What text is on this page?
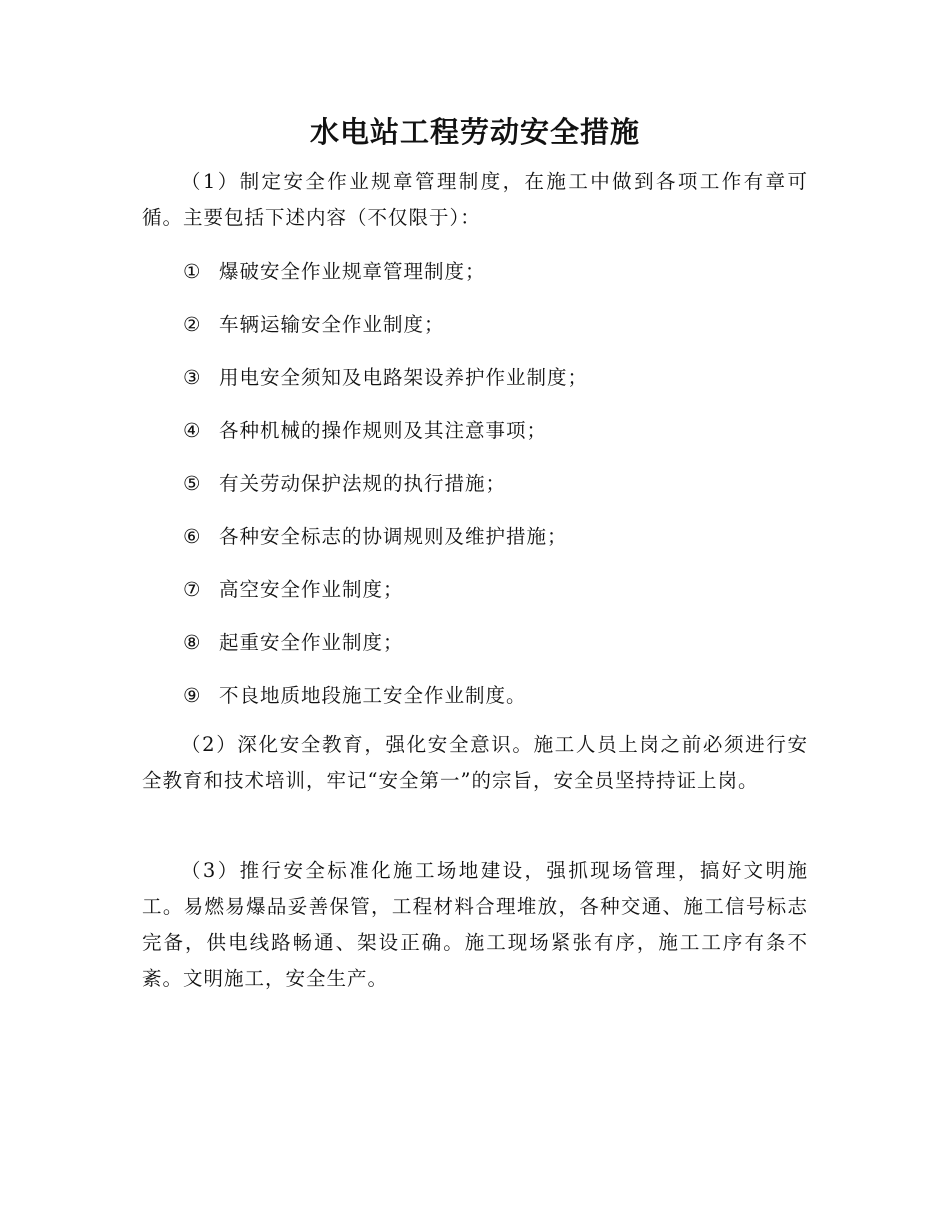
水电站工程劳动安全措施

（1）制定安全作业规章管理制度，在施工中做到各项工作有章可循。主要包括下述内容（不仅限于）：

① 爆破安全作业规章管理制度；
② 车辆运输安全作业制度；
③ 用电安全须知及电路架设养护作业制度；
④ 各种机械的操作规则及其注意事项；
⑤ 有关劳动保护法规的执行措施；
⑥ 各种安全标志的协调规则及维护措施；
⑦ 高空安全作业制度；
⑧ 起重安全作业制度；
⑨ 不良地质地段施工安全作业制度。

（2）深化安全教育，强化安全意识。施工人员上岗之前必须进行安全教育和技术培训，牢记“安全第一”的宗旨，安全员坚持持证上岗。

（3）推行安全标准化施工场地建设，强抓现场管理，搞好文明施工。易燃易爆品妥善保管，工程材料合理堆放，各种交通、施工信号标志完备，供电线路畅通、架设正确。施工现场紧张有序，施工工序有条不紊。文明施工，安全生产。
